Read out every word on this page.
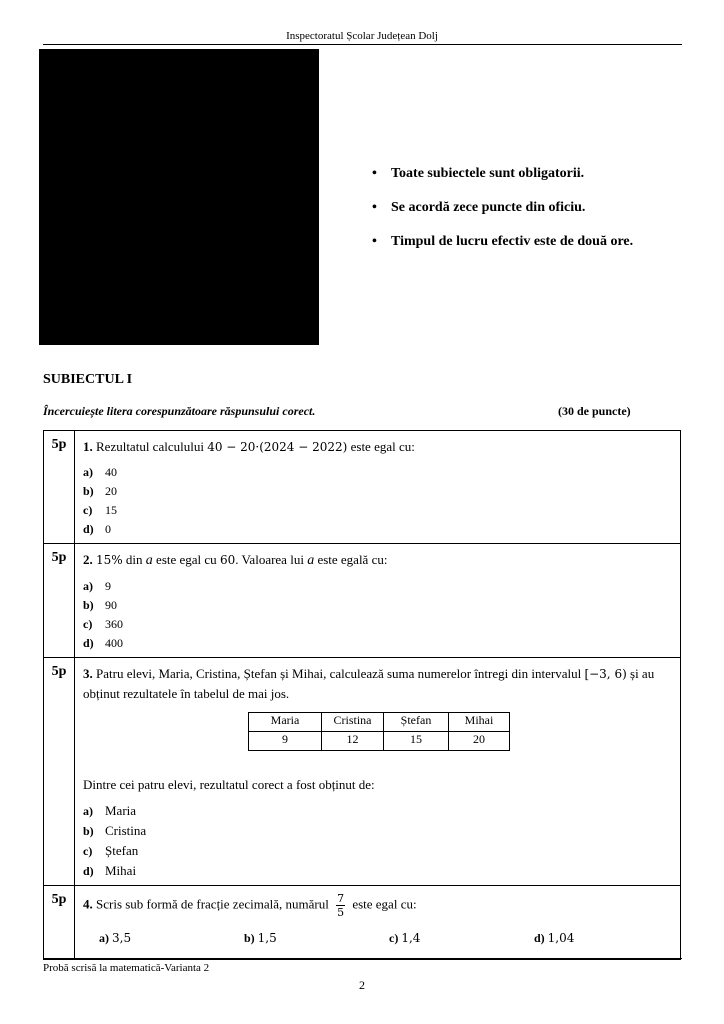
Inspectoratul Școlar Județean Dolj
• Toate subiectele sunt obligatorii.
• Se acordă zece puncte din oficiu.
• Timpul de lucru efectiv este de două ore.
SUBIECTUL I
Încercuiește litera corespunzătoare răspunsului corect.	(30 de puncte)
5p	1. Rezultatul calculului 40 − 20·(2024 − 2022) este egal cu:
a) 40
b) 20
c) 15
d) 0

5p	2. 15% din a este egal cu 60. Valoarea lui a este egală cu:
a) 9
b) 90
c) 360
d) 400

5p	3. Patru elevi, Maria, Cristina, Ștefan și Mihai, calculează suma numerelor întregi din intervalul [−3, 6) și au obținut rezultatele în tabelul de mai jos.
Maria	Cristina	Ștefan	Mihai
9	12	15	20
Dintre cei patru elevi, rezultatul corect a fost obținut de:
a) Maria
b) Cristina
c) Ștefan
d) Mihai

5p	4. Scris sub formă de fracție zecimală, numărul $\frac{7}{5}$ este egal cu:
a) 3,5	b) 1,5	c) 1,4	d) 1,04
Probă scrisă la matematică-Varianta 2
2
